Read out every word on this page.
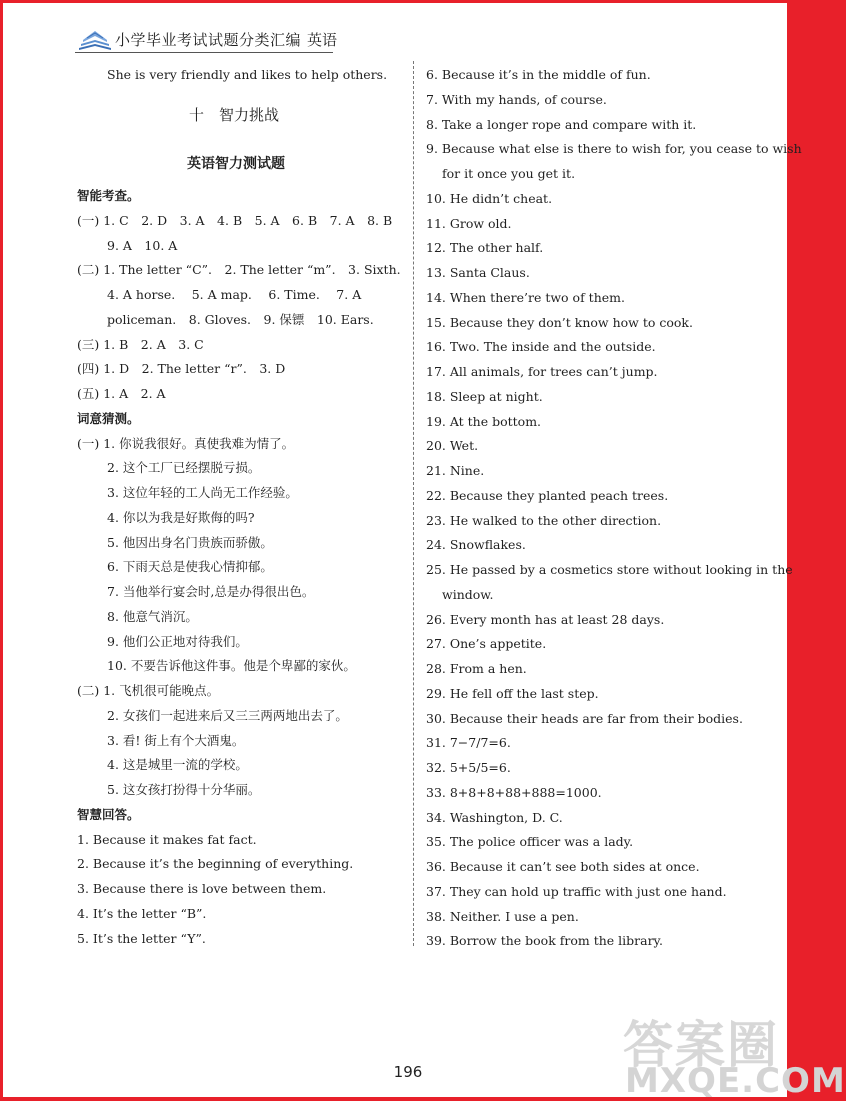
小学毕业考试试题分类汇编 英语
She is very friendly and likes to help others.
十　智力挑战
英语智力测试题
智能考查。
(一) 1. C　2. D　3. A　4. B　5. A　6. B　7. A　8. B
9. A　10. A
(二) 1. The letter “C”.　2. The letter “m”.　3. Sixth.
4. A horse.　 5. A map.　 6. Time.　 7. A
policeman.　8. Gloves.　9. 保镖　10. Ears.
(三) 1. B　2. A　3. C
(四) 1. D　2. The letter “r”.　3. D
(五) 1. A　2. A
词意猜测。
(一) 1. 你说我很好。真使我难为情了。
2. 这个工厂已经摆脱亏损。
3. 这位年轻的工人尚无工作经验。
4. 你以为我是好欺侮的吗?
5. 他因出身名门贵族而骄傲。
6. 下雨天总是使我心情抑郁。
7. 当他举行宴会时,总是办得很出色。
8. 他意气消沉。
9. 他们公正地对待我们。
10. 不要告诉他这件事。他是个卑鄙的家伙。
(二) 1. 飞机很可能晚点。
2. 女孩们一起进来后又三三两两地出去了。
3. 看! 街上有个大酒鬼。
4. 这是城里一流的学校。
5. 这女孩打扮得十分华丽。
智慧回答。
1. Because it makes fat fact.
2. Because it’s the beginning of everything.
3. Because there is love between them.
4. It’s the letter “B”.
5. It’s the letter “Y”.
6. Because it’s in the middle of fun.
7. With my hands, of course.
8. Take a longer rope and compare with it.
9. Because what else is there to wish for, you cease to wish
for it once you get it.
10. He didn’t cheat.
11. Grow old.
12. The other half.
13. Santa Claus.
14. When there’re two of them.
15. Because they don’t know how to cook.
16. Two. The inside and the outside.
17. All animals, for trees can’t jump.
18. Sleep at night.
19. At the bottom.
20. Wet.
21. Nine.
22. Because they planted peach trees.
23. He walked to the other direction.
24. Snowflakes.
25. He passed by a cosmetics store without looking in the
window.
26. Every month has at least 28 days.
27. One’s appetite.
28. From a hen.
29. He fell off the last step.
30. Because their heads are far from their bodies.
31. 7−7/7=6.
32. 5+5/5=6.
33. 8+8+8+88+888=1000.
34. Washington, D. C.
35. The police officer was a lady.
36. Because it can’t see both sides at once.
37. They can hold up traffic with just one hand.
38. Neither. I use a pen.
39. Borrow the book from the library.
196	答案圈
MXQE.COM
